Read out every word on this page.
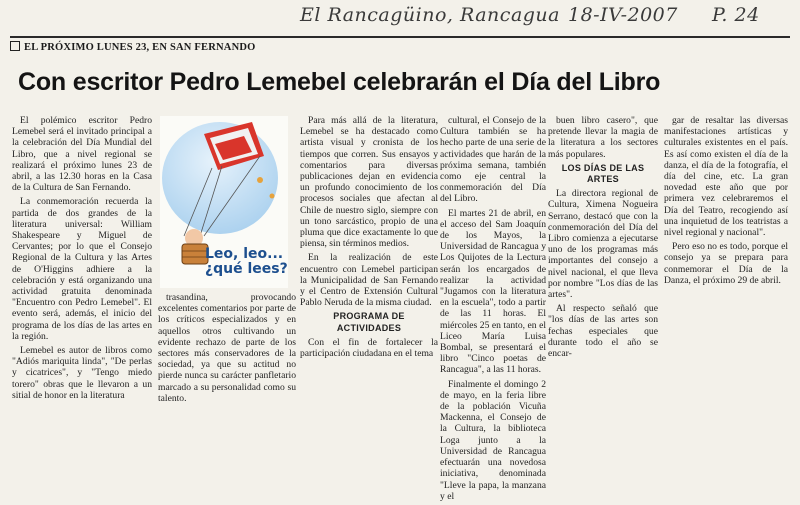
El Rancagüino, Rancagua 18-IV-2007 P. 24
EL PRÓXIMO LUNES 23, EN SAN FERNANDO
Con escritor Pedro Lemebel celebrarán el Día del Libro
Leo, leo...
¿qué lees?

El polémico escritor Pedro Lemebel será el invitado principal a la celebración del Día Mundial del Libro, que a nivel regional se realizará el próximo lunes 23 de abril, a las 12.30 horas en la Casa de la Cultura de San Fernando.

La conmemoración recuerda la partida de dos grandes de la literatura universal: William Shakespeare y Miguel de Cervantes; por lo que el Consejo Regional de la Cultura y las Artes de O'Higgins adhiere a la celebración y está organizando una actividad gratuita denominada "Encuentro con Pedro Lemebel". El evento será, además, el inicio del programa de los días de las artes en la región.

Lemebel es autor de libros como "Adiós mariquita linda", "De perlas y cicatrices", y "Tengo miedo torero" obras que le llevaron a un sitial de honor en la literatura

trasandina, provocando excelentes comentarios por parte de los críticos especializados y en aquellos otros cultivando un evidente rechazo de parte de los sectores más conservadores de la sociedad, ya que su actitud no pierde nunca su carácter panfletario marcado a su personalidad como su talento.

Para más allá de la literatura, Lemebel se ha destacado como artista visual y cronista de los tiempos que corren. Sus ensayos y comentarios para diversas publicaciones dejan en evidencia un profundo conocimiento de los procesos sociales que afectan al Chile de nuestro siglo, siempre con un tono sarcástico, propio de una pluma que dice exactamente lo que piensa, sin términos medios.

En la realización de este encuentro con Lemebel participan la Municipalidad de San Fernando y el Centro de Extensión Cultural Pablo Neruda de la misma ciudad.

PROGRAMA DE ACTIVIDADES

Con el fin de fortalecer la participación ciudadana en el tema

cultural, el Consejo de la Cultura también se ha hecho parte de una serie de actividades que harán de la próxima semana, también como eje central la conmemoración del Día del Libro.

El martes 21 de abril, en el acceso del Sam Joaquín de los Mayos, la Universidad de Rancagua y Los Quijotes de la Lectura serán los encargados de realizar la actividad "Jugamos con la literatura en la escuela", todo a partir de las 11 horas. El miércoles 25 en tanto, en el Liceo María Luisa Bombal, se presentará el libro "Cinco poetas de Rancagua", a las 11 horas.

Finalmente el domingo 2 de mayo, en la feria libre de la población Vicuña Mackenna, el Consejo de la Cultura, la biblioteca Loga junto a la Universidad de Rancagua efectuarán una novedosa iniciativa, denominada "Lleve la papa, la manzana y el

buen libro casero", que pretende llevar la magia de la literatura a los sectores más populares.

LOS DÍAS DE LAS ARTES

La directora regional de Cultura, Ximena Nogueira Serrano, destacó que con la conmemoración del Día del Libro comienza a ejecutarse uno de los programas más importantes del consejo a nivel nacional, el que lleva por nombre "Los días de las artes".

Al respecto señaló que "los días de las artes son fechas especiales que durante todo el año se encar-

gar de resaltar las diversas manifestaciones artísticas y culturales existentes en el país. Es así como existen el día de la danza, el día de la fotografía, el día del cine, etc. La gran novedad este año que por primera vez celebraremos el Día del Teatro, recogiendo así una inquietud de los teatristas a nivel regional y nacional".

Pero eso no es todo, porque el consejo ya se prepara para conmemorar el Día de la Danza, el próximo 29 de abril.
